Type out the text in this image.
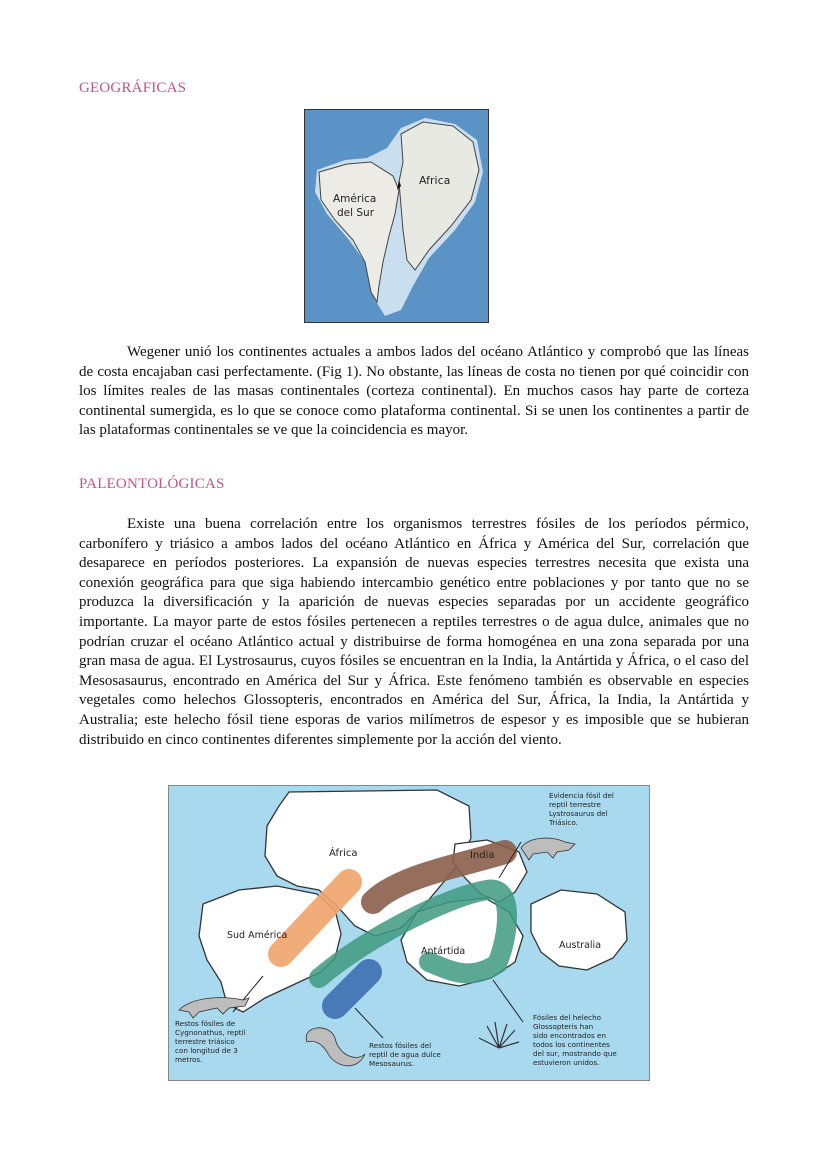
GEOGRÁFICAS
Africa
América
del Sur

Wegener unió los continentes actuales a ambos lados del océano Atlántico y comprobó que las líneas de costa encajaban casi perfectamente. (Fig 1). No obstante, las líneas de costa no tienen por qué coincidir con los límites reales de las masas continentales (corteza continental). En muchos casos hay parte de corteza continental sumergida, es lo que se conoce como plataforma continental. Si se unen los continentes a partir de las plataformas continentales se ve que la coincidencia es mayor.

PALEONTOLÓGICAS

Existe una buena correlación entre los organismos terrestres fósiles de los períodos pérmico, carbonífero y triásico a ambos lados del océano Atlántico en África y América del Sur, correlación que desaparece en períodos posteriores. La expansión de nuevas especies terrestres necesita que exista una conexión geográfica para que siga habiendo intercambio genético entre poblaciones y por tanto que no se produzca la diversificación y la aparición de nuevas especies separadas por un accidente geográfico importante. La mayor parte de estos fósiles pertenecen a reptiles terrestres o de agua dulce, animales que no podrían cruzar el océano Atlántico actual y distribuirse de forma homogénea en una zona separada por una gran masa de agua. El Lystrosaurus, cuyos fósiles se encuentran en la India, la Antártida y África, o el caso del Mesosasaurus, encontrado en América del Sur y África. Este fenómeno también es observable en especies vegetales como helechos Glossopteris, encontrados en América del Sur, África, la India, la Antártida y Australia; este helecho fósil tiene esporas de varios milímetros de espesor y es imposible que se hubieran distribuido en cinco continentes diferentes simplemente por la acción del viento.

África	India
Sud América
Antártida
Australia
Evidencia fósil del
reptil terrestre
Lystrosaurus del
Triásico.
Restos fósiles de
Cygnonathus, reptil
terrestre triásico
con longitud de 3
metros.
Restos fósiles del
reptil de agua dulce
Mesosaurus.
Fósiles del helecho
Glossopteris han
sido encontrados en
todos los continentes
del sur, mostrando que
estuvieron unidos.
